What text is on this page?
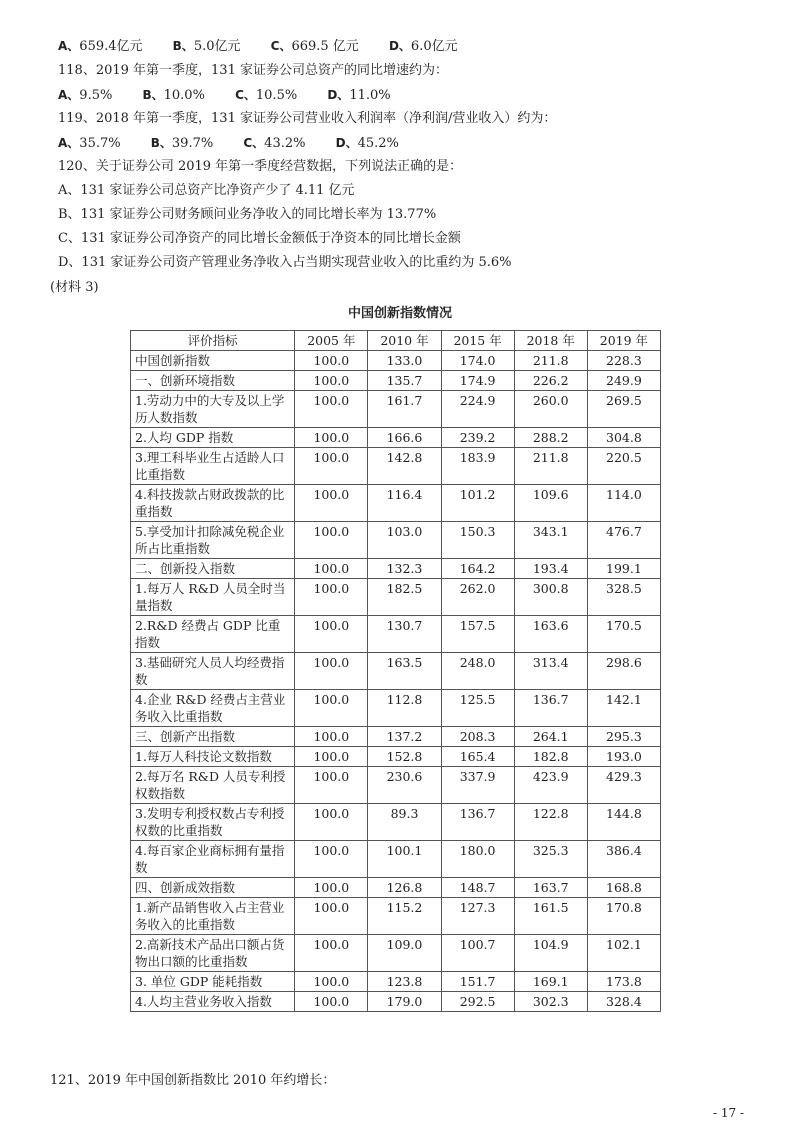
A、659.4亿元	B、5.0亿元	C、669.5 亿元	D、6.0亿元
118、2019 年第一季度，131 家证券公司总资产的同比增速约为：
A、9.5%	B、10.0%	C、10.5%	D、11.0%
119、2018 年第一季度，131 家证券公司营业收入利润率（净利润/营业收入）约为：
A、35.7%	B、39.7%	C、43.2%	D、45.2%
120、关于证券公司 2019 年第一季度经营数据，下列说法正确的是：
A、131 家证券公司总资产比净资产少了 4.11 亿元
B、131 家证券公司财务顾问业务净收入的同比增长率为 13.77%
C、131 家证券公司净资产的同比增长金额低于净资本的同比增长金额
D、131 家证券公司资产管理业务净收入占当期实现营业收入的比重约为 5.6%
(材料 3)
中国创新指数情况
评价指标	2005 年	2010 年	2015 年	2018 年	2019 年
中国创新指数	100.0	133.0	174.0	211.8	228.3
一、创新环境指数	100.0	135.7	174.9	226.2	249.9
1.劳动力中的大专及以上学历人数指数	100.0	161.7	224.9	260.0	269.5
2.人均 GDP 指数	100.0	166.6	239.2	288.2	304.8
3.理工科毕业生占适龄人口比重指数	100.0	142.8	183.9	211.8	220.5
4.科技拨款占财政拨款的比重指数	100.0	116.4	101.2	109.6	114.0
5.享受加计扣除减免税企业所占比重指数	100.0	103.0	150.3	343.1	476.7
二、创新投入指数	100.0	132.3	164.2	193.4	199.1
1.每万人 R&D 人员全时当量指数	100.0	182.5	262.0	300.8	328.5
2.R&D 经费占 GDP 比重指数	100.0	130.7	157.5	163.6	170.5
3.基础研究人员人均经费指数	100.0	163.5	248.0	313.4	298.6
4.企业 R&D 经费占主营业务收入比重指数	100.0	112.8	125.5	136.7	142.1
三、创新产出指数	100.0	137.2	208.3	264.1	295.3
1.每万人科技论文数指数	100.0	152.8	165.4	182.8	193.0
2.每万名 R&D 人员专利授权数指数	100.0	230.6	337.9	423.9	429.3
3.发明专利授权数占专利授权数的比重指数	100.0	89.3	136.7	122.8	144.8
4.每百家企业商标拥有量指数	100.0	100.1	180.0	325.3	386.4
四、创新成效指数	100.0	126.8	148.7	163.7	168.8
1.新产品销售收入占主营业务收入的比重指数	100.0	115.2	127.3	161.5	170.8
2.高新技术产品出口额占货物出口额的比重指数	100.0	109.0	100.7	104.9	102.1
3. 单位 GDP 能耗指数	100.0	123.8	151.7	169.1	173.8
4.人均主营业务收入指数	100.0	179.0	292.5	302.3	328.4
121、2019 年中国创新指数比 2010 年约增长：
- 17 -
